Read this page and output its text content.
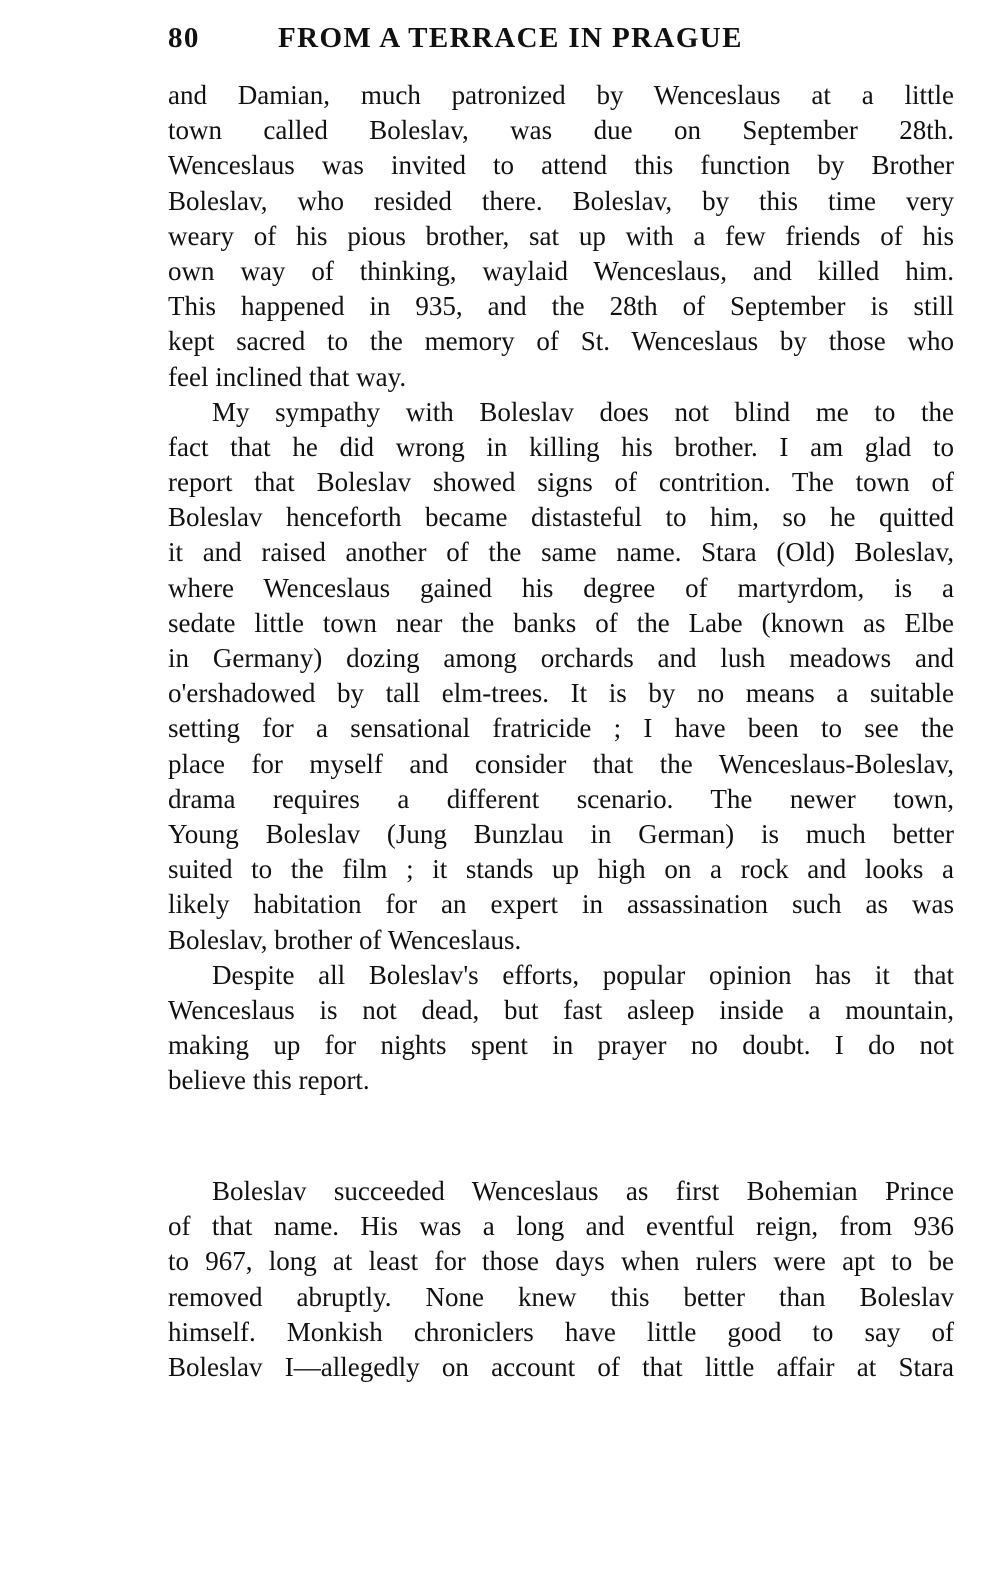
80	FROM A TERRACE IN PRAGUE
and Damian, much patronized by Wenceslaus at a little
town called Boleslav, was due on September 28th.
Wenceslaus was invited to attend this function by Brother
Boleslav, who resided there. Boleslav, by this time very
weary of his pious brother, sat up with a few friends of his
own way of thinking, waylaid Wenceslaus, and killed him.
This happened in 935, and the 28th of September is still
kept sacred to the memory of St. Wenceslaus by those who
feel inclined that way.
My sympathy with Boleslav does not blind me to the
fact that he did wrong in killing his brother. I am glad to
report that Boleslav showed signs of contrition. The town of
Boleslav henceforth became distasteful to him, so he quitted
it and raised another of the same name. Stara (Old) Boleslav,
where Wenceslaus gained his degree of martyrdom, is a
sedate little town near the banks of the Labe (known as Elbe
in Germany) dozing among orchards and lush meadows and
o'ershadowed by tall elm-trees. It is by no means a suitable
setting for a sensational fratricide ; I have been to see the
place for myself and consider that the Wenceslaus-Boleslav,
drama requires a different scenario. The newer town,
Young Boleslav (Jung Bunzlau in German) is much better
suited to the film ; it stands up high on a rock and looks a
likely habitation for an expert in assassination such as was
Boleslav, brother of Wenceslaus.
Despite all Boleslav's efforts, popular opinion has it that
Wenceslaus is not dead, but fast asleep inside a mountain,
making up for nights spent in prayer no doubt. I do not
believe this report.
Boleslav succeeded Wenceslaus as first Bohemian Prince
of that name. His was a long and eventful reign, from 936
to 967, long at least for those days when rulers were apt to be
removed abruptly. None knew this better than Boleslav
himself. Monkish chroniclers have little good to say of
Boleslav I—allegedly on account of that little affair at Stara
